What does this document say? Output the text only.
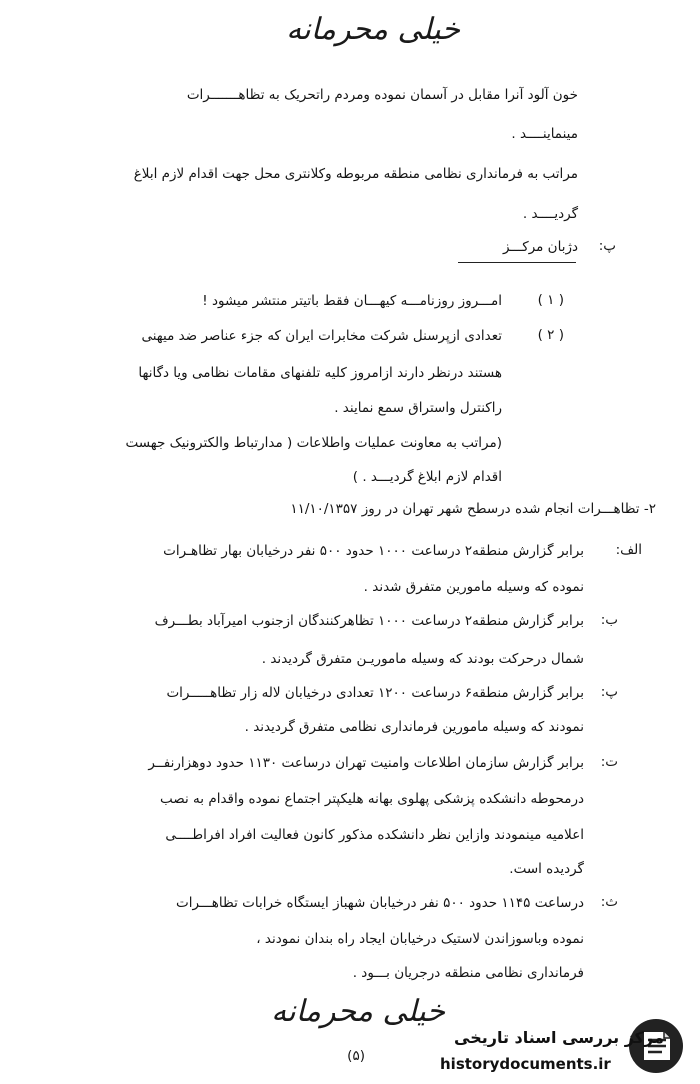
خیلی محرمانه
خون آلود آنرا مقابل در آسمان نموده ومردم راتحریک به تظاهـــــــرات
مینماینــــد .
مراتب به فرمانداری نظامی منطقه مربوطه وکلانتری محل جهت اقدام لازم ابلاغ
گردیــــد .
پ:
دژبان مرکـــز
( ۱ )
امـــروز روزنامـــه کیهـــان فقط باتیتر منتشر میشود !
( ۲ )
تعدادی ازپرسنل شرکت مخابرات ایران که جزء عناصر ضد میهنی
هستند درنظر دارند ازامروز کلیه تلفنهای مقامات نظامی ویا دگانها
راکنترل واستراق سمع نمایند .
(مراتب به معاونت عملیات واطلاعات ( مدارتباط والکترونیک جهست
اقدام لازم ابلاغ گردیـــد . )
۲- تظاهـــرات انجام شده درسطح شهر تهران در روز ۱۱/۱۰/۱۳۵۷
الف:
برابر گزارش منطقه۲ درساعت ۱۰۰۰ حدود ۵۰۰ نفر درخیابان بهار تظاهـرات
نموده که وسیله مامورین متفرق شدند .
ب:
برابر گزارش منطقه۲ درساعت ۱۰۰۰ تظاهرکنندگان ازجنوب امیرآباد بطـــرف
شمال درحرکت بودند که وسیله ماموریـن متفرق گردیدند .
پ:
برابر گزارش منطقه۶ درساعت ۱۲۰۰ تعدادی درخیابان لاله زار تظاهـــــرات
نمودند که وسیله مامورین فرمانداری نظامی متفرق گردیدند .
ت:
برابر گزارش سازمان اطلاعات وامنیت تهران درساعت ۱۱۳۰ حدود دوهزارنفــر
درمحوطه دانشکده پزشکی پهلوی بهانه هلیکپتر اجتماع نموده واقدام به نصب
اعلامیه مینمودند وازاین نظر دانشکده مذکور کانون فعالیت افراد افراطــــی
گردیده است.
ث:
درساعت ۱۱۴۵ حدود ۵۰۰ نفر درخیابان شهباز ایستگاه خرابات تظاهـــرات
نموده وباسوزاندن لاستیک درخیابان ایجاد راه بندان نمودند ،
فرمانداری نظامی منطقه درجریان بـــود .
خیلی محرمانه
(۵)
مرکز بررسی اسناد تاریخی
historydocuments.ir
